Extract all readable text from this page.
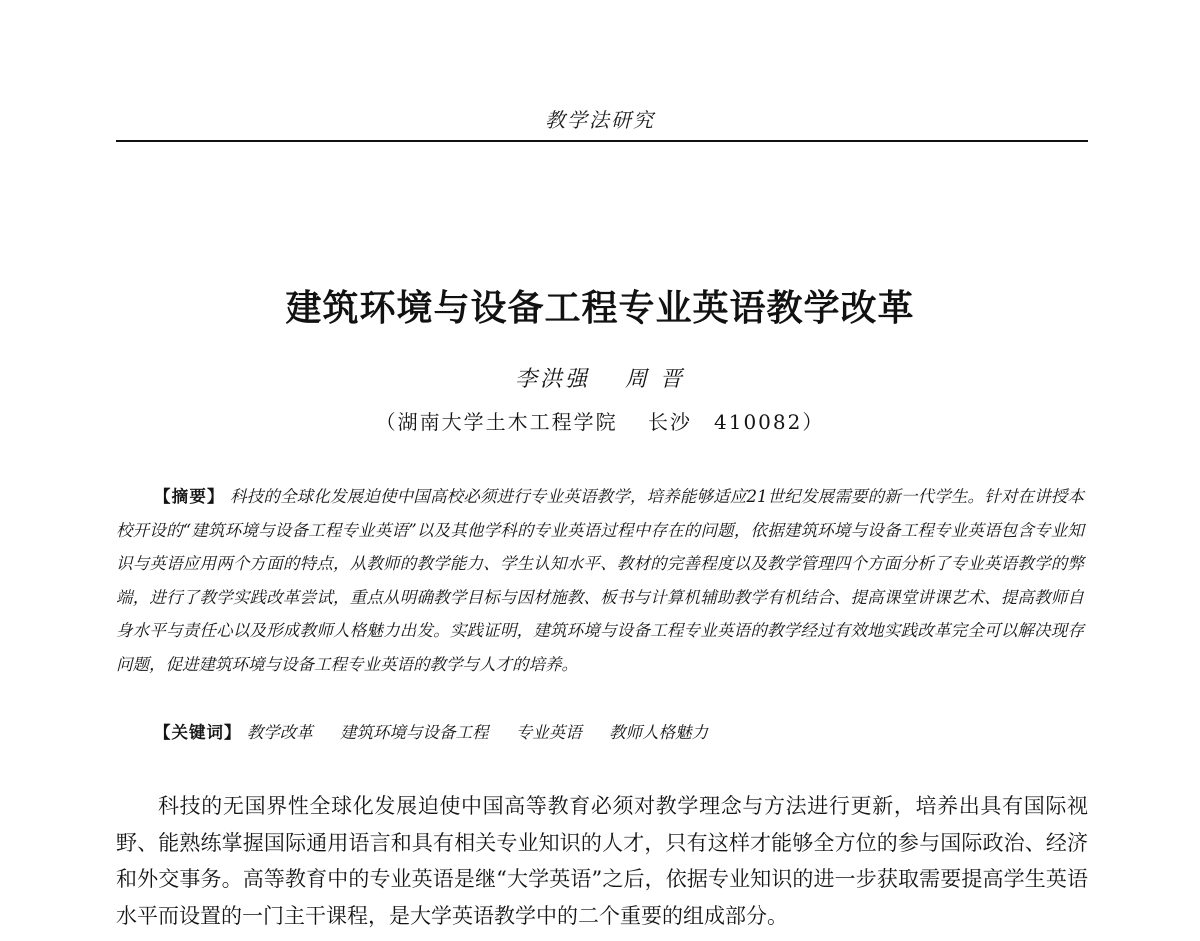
教学法研究
建筑环境与设备工程专业英语教学改革
李洪强　 周 晋
（湖南大学土木工程学院　 长沙　410082）
【摘要】 科技的全球化发展迫使中国高校必须进行专业英语教学，培养能够适应21世纪发展需要的新一代学生。针对在讲授本校开设的“建筑环境与设备工程专业英语”以及其他学科的专业英语过程中存在的问题，依据建筑环境与设备工程专业英语包含专业知识与英语应用两个方面的特点，从教师的教学能力、学生认知水平、教材的完善程度以及教学管理四个方面分析了专业英语教学的弊端，进行了教学实践改革尝试，重点从明确教学目标与因材施教、板书与计算机辅助教学有机结合、提高课堂讲课艺术、提高教师自身水平与责任心以及形成教师人格魅力出发。实践证明，建筑环境与设备工程专业英语的教学经过有效地实践改革完全可以解决现存问题，促进建筑环境与设备工程专业英语的教学与人才的培养。
【关键词】 教学改革 建筑环境与设备工程 专业英语 教师人格魅力
科技的无国界性全球化发展迫使中国高等教育必须对教学理念与方法进行更新，培养出具有国际视野、能熟练掌握国际通用语言和具有相关专业知识的人才，只有这样才能够全方位的参与国际政治、经济和外交事务。高等教育中的专业英语是继“大学英语”之后，依据专业知识的进一步获取需要提高学生英语水平而设置的一门主干课程，是大学英语教学中的二个重要的组成部分。
